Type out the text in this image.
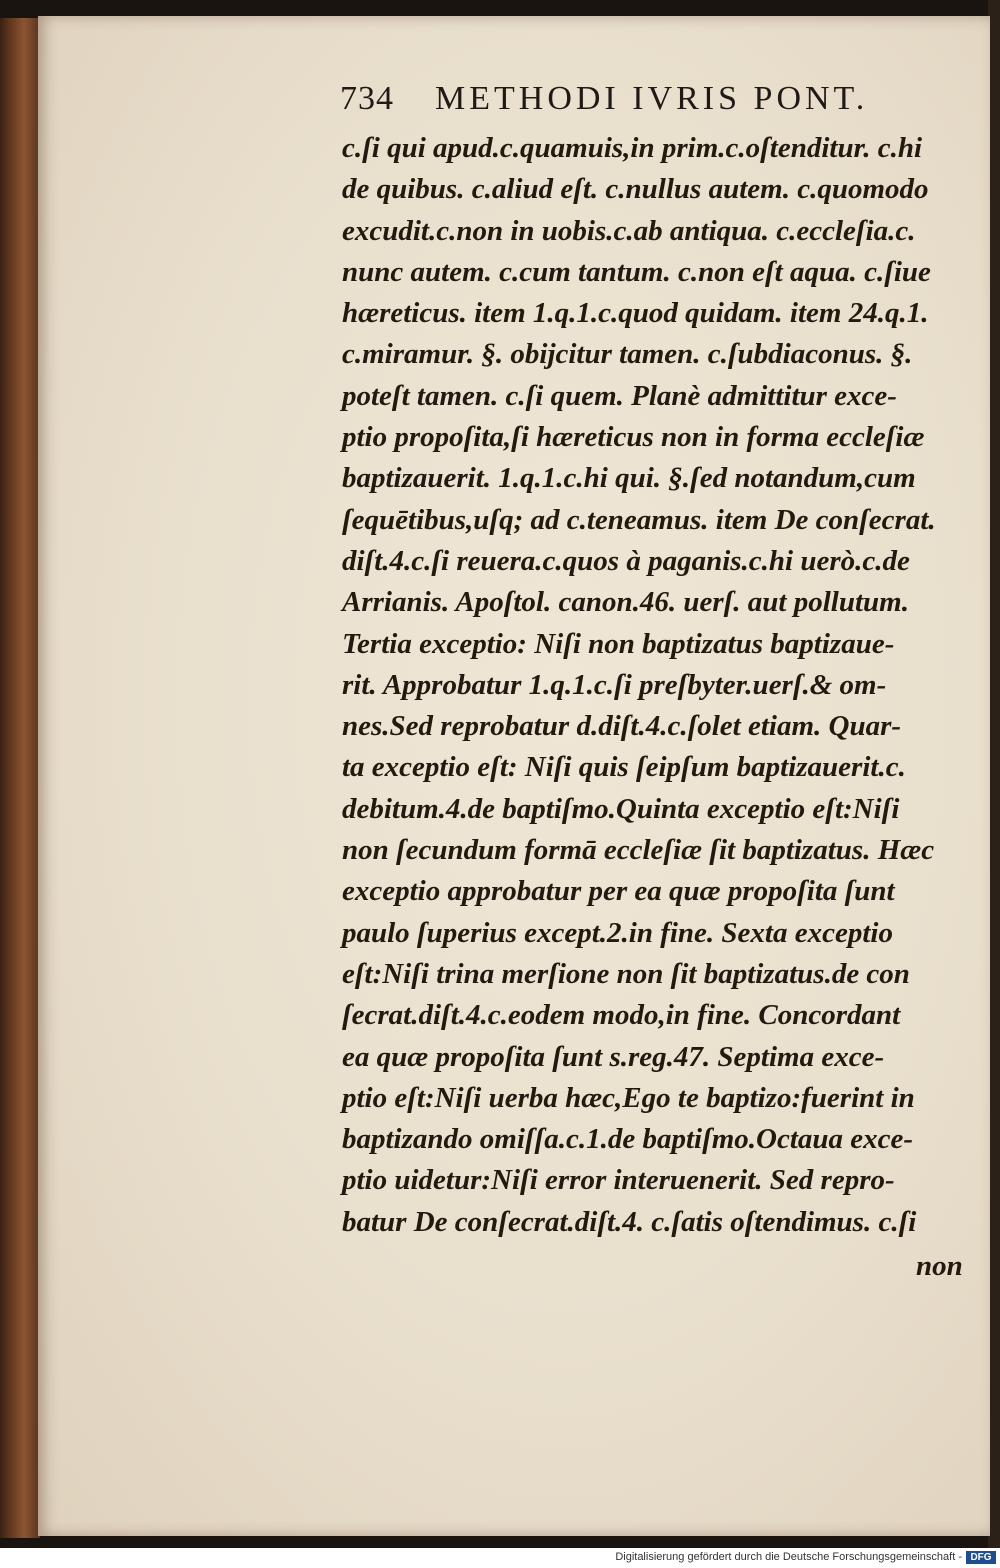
734 METHODI IVRIS PONT.
c.ſi qui apud.c.quamuis,in prim.c.oſtenditur. c.hi
de quibus. c.aliud eſt. c.nullus autem. c.quomodo
excudit.c.non in uobis.c.ab antiqua. c.eccleſia.c.
nunc autem. c.cum tantum. c.non eſt aqua. c.ſiue
hæreticus. item 1.q.1.c.quod quidam. item 24.q.1.
c.miramur. §. obijcitur tamen. c.ſubdiaconus. §.
poteſt tamen. c.ſi quem. Planè admittitur exce-
ptio propoſita,ſi hæreticus non in forma eccleſiæ
baptizauerit. 1.q.1.c.hi qui. §.ſed notandum,cum
ſequētibus,uſq; ad c.teneamus. item De conſecrat.
diſt.4.c.ſi reuera.c.quos à paganis.c.hi uerò.c.de
Arrianis. Apoſtol. canon.46. uerſ. aut pollutum.
Tertia exceptio: Niſi non baptizatus baptizaue-
rit. Approbatur 1.q.1.c.ſi preſbyter.uerſ.& om-
nes.Sed reprobatur d.diſt.4.c.ſolet etiam. Quar-
ta exceptio eſt: Niſi quis ſeipſum baptizauerit.c.
debitum.4.de baptiſmo.Quinta exceptio eſt:Niſi
non ſecundum formā eccleſiæ ſit baptizatus. Hæc
exceptio approbatur per ea quæ propoſita ſunt
paulo ſuperius except.2.in fine. Sexta exceptio
eſt:Niſi trina merſione non ſit baptizatus.de con
ſecrat.diſt.4.c.eodem modo,in fine. Concordant
ea quæ propoſita ſunt s.reg.47. Septima exce-
ptio eſt:Niſi uerba hæc,Ego te baptizo:fuerint in
baptizando omiſſa.c.1.de baptiſmo.Octaua exce-
ptio uidetur:Niſi error interuenerit. Sed repro-
batur De conſecrat.diſt.4. c.ſatis oſtendimus. c.ſi
non
Digitalisierung gefördert durch die Deutsche Forschungsgemeinschaft - DFG
